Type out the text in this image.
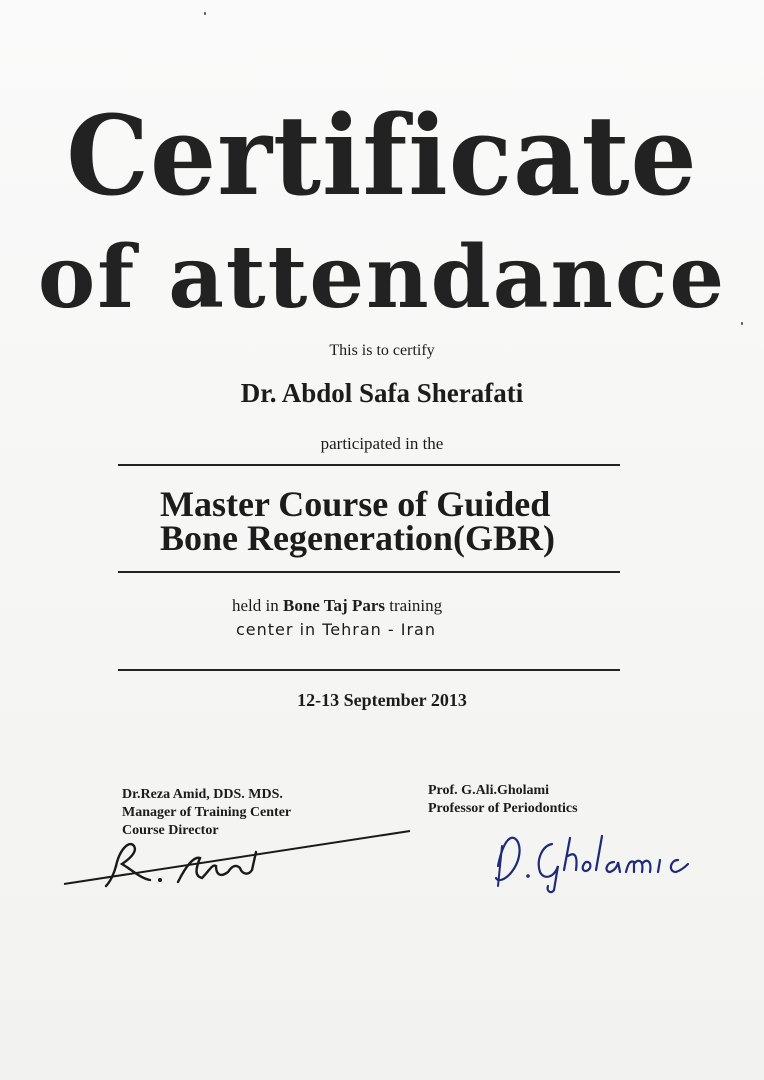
Certificate
of attendance
This is to certify
Dr. Abdol Safa Sherafati
participated in the
Master Course of Guided
Bone Regeneration(GBR)
held in Bone Taj Pars training
center in Tehran - Iran
12-13 September 2013
Dr.Reza Amid, DDS. MDS.
Manager of Training Center
Course Director
Prof. G.Ali.Gholami
Professor of Periodontics
